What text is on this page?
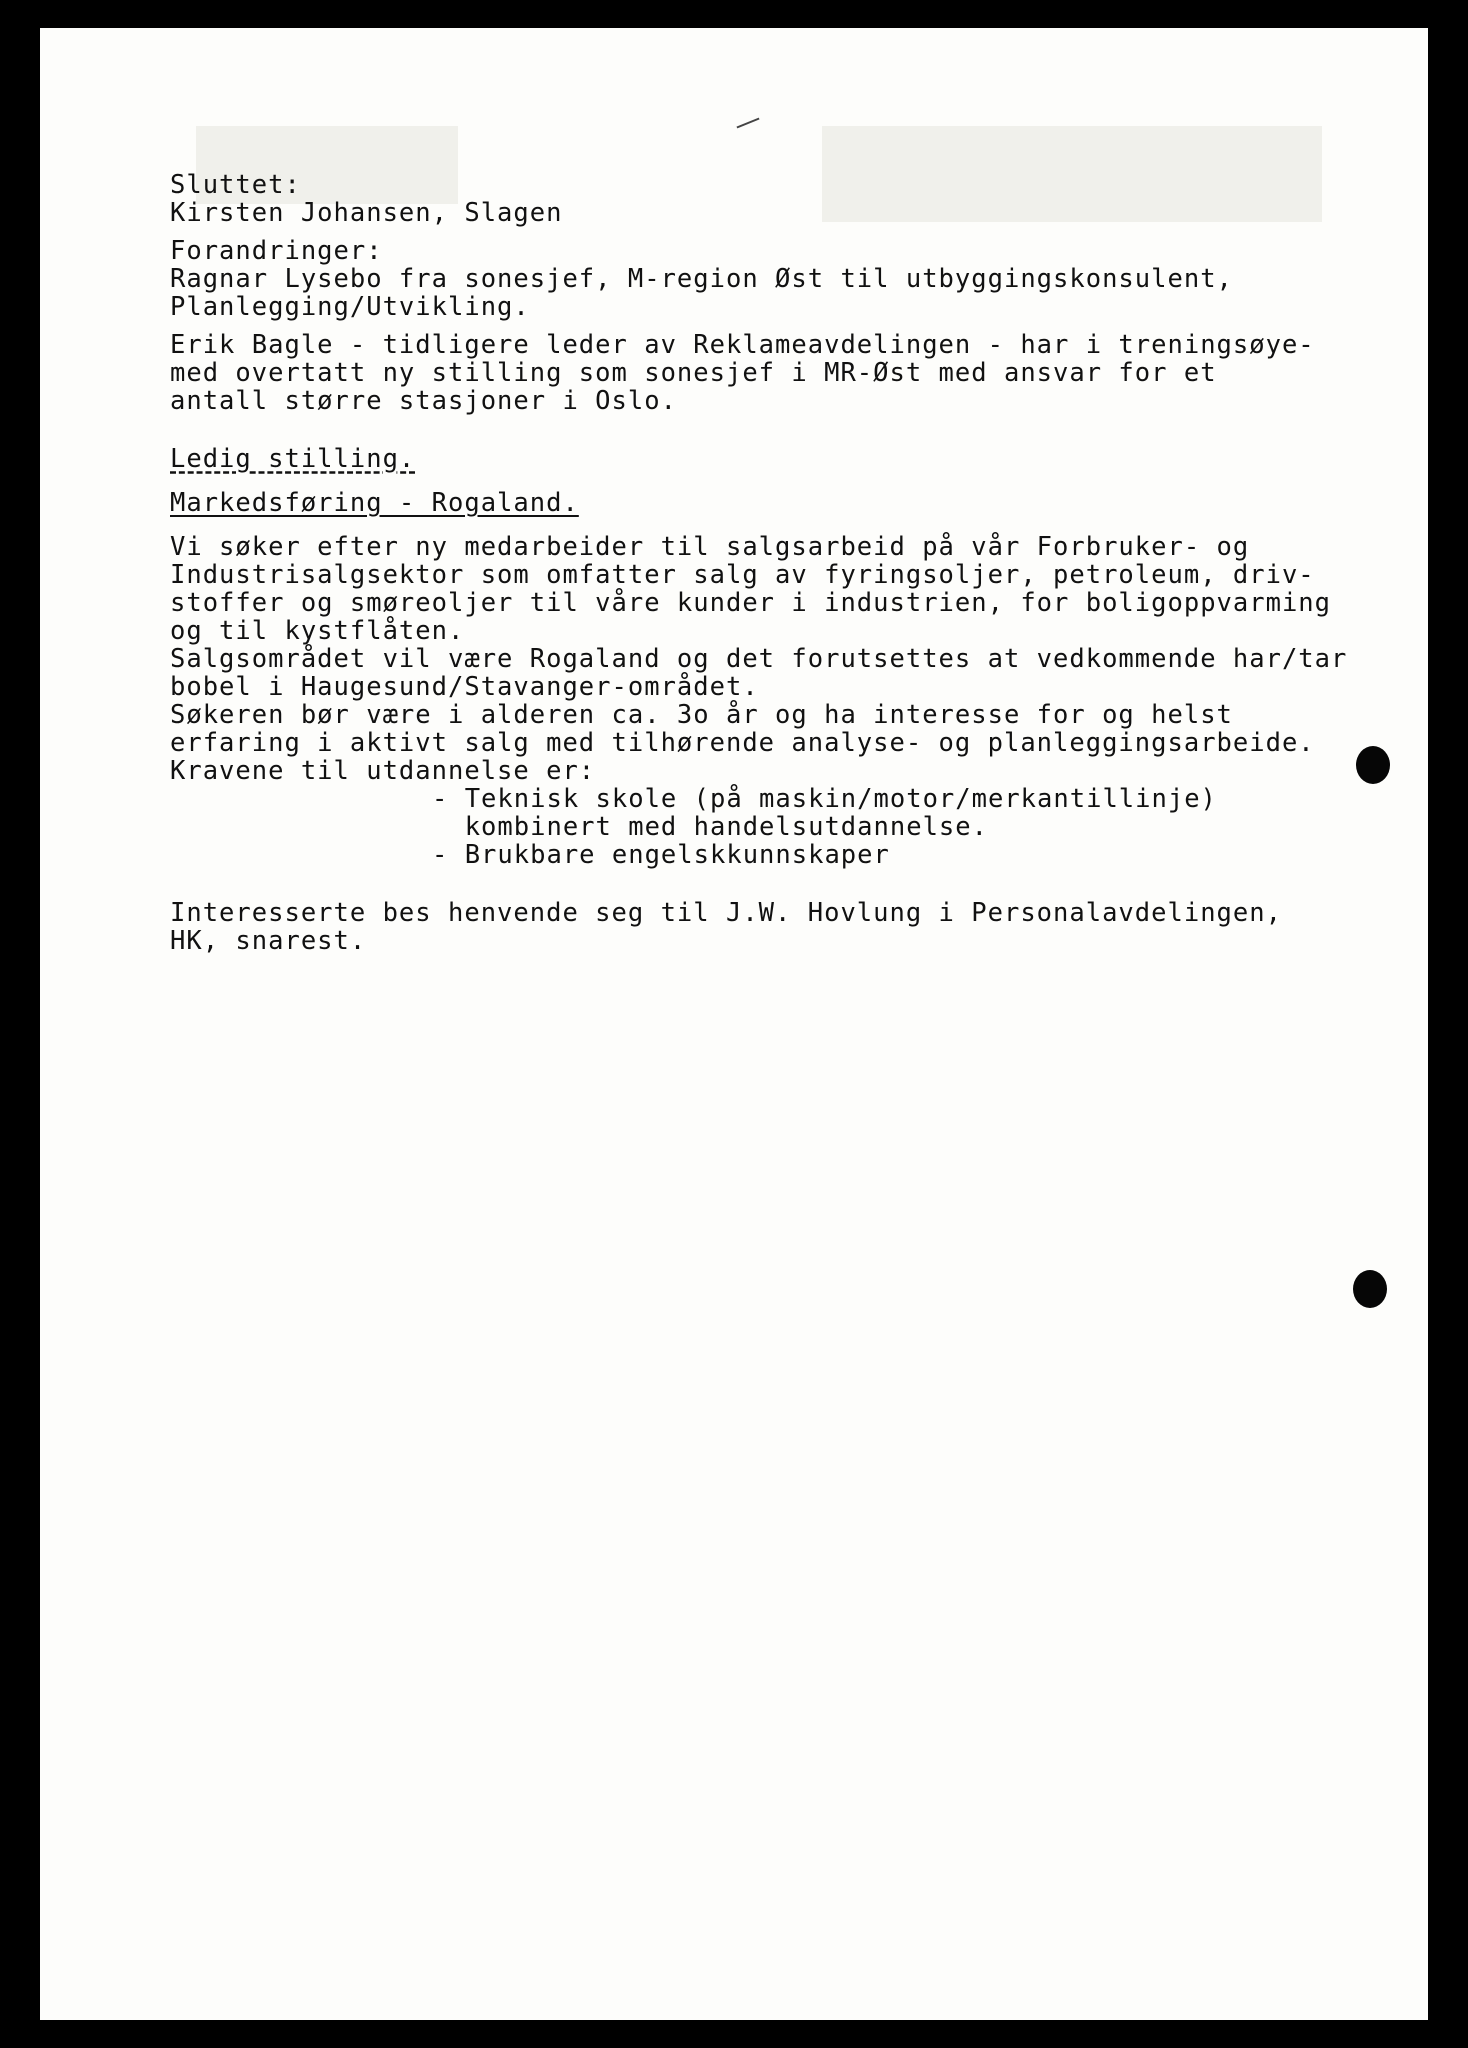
Sluttet:
Kirsten Johansen, Slagen
Forandringer:
Ragnar Lysebo fra sonesjef, M-region Øst til utbyggingskonsulent,
Planlegging/Utvikling.
Erik Bagle - tidligere leder av Reklameavdelingen - har i treningsøye-
med overtatt ny stilling som sonesjef i MR-Øst med ansvar for et
antall større stasjoner i Oslo.
Ledig stilling.
Markedsføring - Rogaland.
Vi søker efter ny medarbeider til salgsarbeid på vår Forbruker- og
Industrisalgsektor som omfatter salg av fyringsoljer, petroleum, driv-
stoffer og smøreoljer til våre kunder i industrien, for boligoppvarming
og til kystflåten.
Salgsområdet vil være Rogaland og det forutsettes at vedkommende har/tar
bobel i Haugesund/Stavanger-området.
Søkeren bør være i alderen ca. 3o år og ha interesse for og helst
erfaring i aktivt salg med tilhørende analyse- og planleggingsarbeide.
Kravene til utdannelse er:
- Teknisk skole (på maskin/motor/merkantillinje)
kombinert med handelsutdannelse.
- Brukbare engelskkunnskaper
Interesserte bes henvende seg til J.W. Hovlung i Personalavdelingen,
HK, snarest.
